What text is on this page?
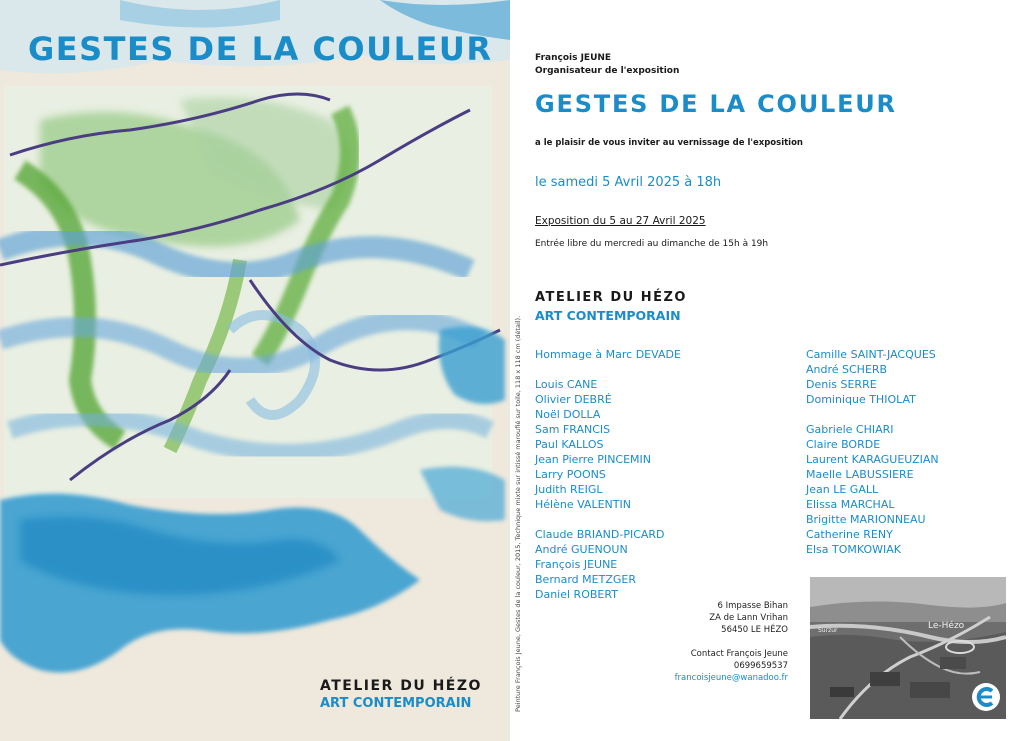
GESTES DE LA COULEUR
ATELIER DU HÉZO
ART CONTEMPORAIN	Peinture François Jeune, Gestes de la couleur, 2015, Technique mixte sur intissé maroufié sur toile, 118 x 118 cm (détail).
François JEUNE
Organisateur de l'exposition
GESTES DE LA COULEUR
a le plaisir de vous inviter au vernissage de l'exposition
le samedi 5 Avril 2025 à 18h
Exposition du 5 au 27 Avril 2025
Entrée libre du mercredi au dimanche de 15h à 19h
ATELIER DU HÉZO
ART CONTEMPORAIN
Hommage à Marc DEVADE
Louis CANE
Olivier DEBRÉ
Noël DOLLA
Sam FRANCIS
Paul KALLOS
Jean Pierre PINCEMIN
Larry POONS
Judith REIGL
Hélène VALENTIN
Claude BRIAND-PICARD
André GUENOUN
François JEUNE
Bernard METZGER
Daniel ROBERT
Camille SAINT-JACQUES
André SCHERB
Denis SERRE
Dominique THIOLAT
Gabriele CHIARI
Claire BORDE
Laurent KARAGUEUZIAN
Maelle LABUSSIERE
Jean LE GALL
Elissa MARCHAL
Brigitte MARIONNEAU
Catherine RENY
Elsa TOMKOWIAK
6 Impasse Bihan
ZA de Lann Vrihan
56450 LE HÉZO
Contact François Jeune
0699659537
francoisjeune@wanadoo.fr
Le-Hézo
Surzur
